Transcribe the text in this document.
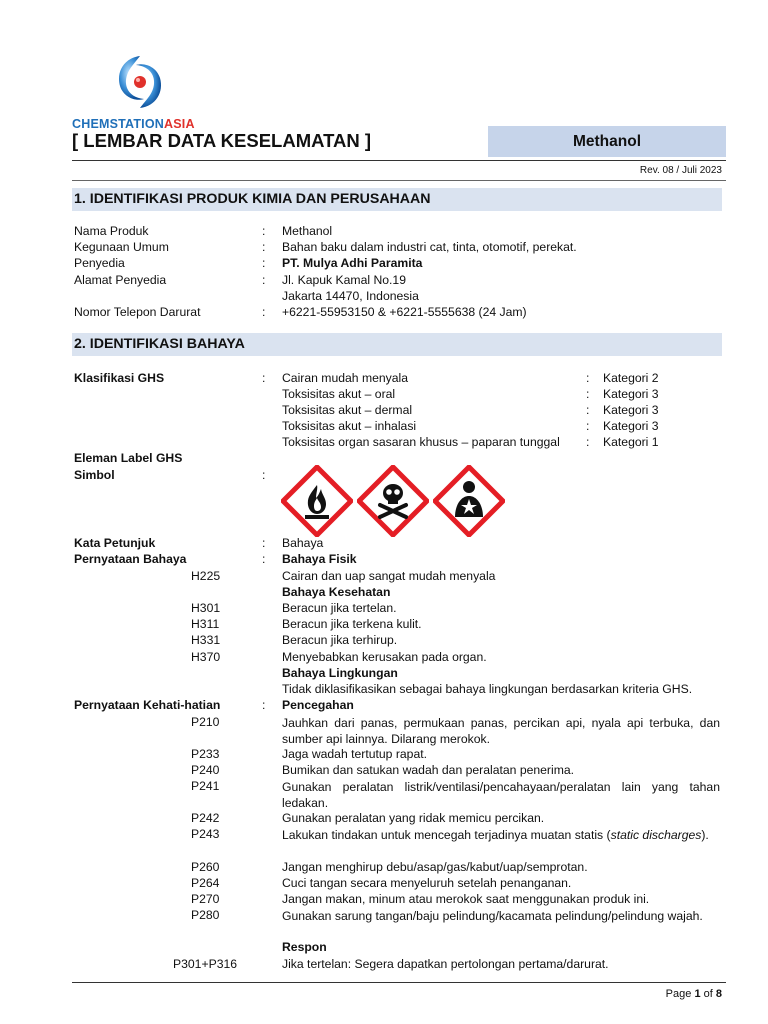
CHEMSTATIONASIA
[ LEMBAR DATA KESELAMATAN ]	Methanol
Rev. 08 / Juli 2023
1. IDENTIFIKASI PRODUK KIMIA DAN PERUSAHAAN
Nama Produk	: Methanol
Kegunaan Umum	: Bahan baku dalam industri cat, tinta, otomotif, perekat.
Penyedia	: PT. Mulya Adhi Paramita
Alamat Penyedia	: Jl. Kapuk Kamal No.19
Jakarta 14470, Indonesia
Nomor Telepon Darurat	: +6221-55953150 & +6221-5555638 (24 Jam)
2. IDENTIFIKASI BAHAYA
Klasifikasi GHS	: Cairan mudah menyala	: Kategori 2
Toksisitas akut – oral	: Kategori 3
Toksisitas akut – dermal	: Kategori 3
Toksisitas akut – inhalasi	: Kategori 3
Toksisitas organ sasaran khusus – paparan tunggal : Kategori 1
Eleman Label GHS
Simbol	:
Kata Petunjuk	: Bahaya
Pernyataan Bahaya	: Bahaya Fisik
H225	Cairan dan uap sangat mudah menyala
Bahaya Kesehatan
H301	Beracun jika tertelan.
H311	Beracun jika terkena kulit.
H331	Beracun jika terhirup.
H370	Menyebabkan kerusakan pada organ.
Bahaya Lingkungan
Tidak diklasifikasikan sebagai bahaya lingkungan berdasarkan kriteria GHS.
Pernyataan Kehati-hatian	: Pencegahan
P210	Jauhkan dari panas, permukaan panas, percikan api, nyala api terbuka, dan sumber api lainnya. Dilarang merokok.
P233	Jaga wadah tertutup rapat.
P240	Bumikan dan satukan wadah dan peralatan penerima.
P241	Gunakan peralatan listrik/ventilasi/pencahayaan/peralatan lain yang tahan ledakan.
P242	Gunakan peralatan yang ridak memicu percikan.
P243	Lakukan tindakan untuk mencegah terjadinya muatan statis (static discharges).
P260	Jangan menghirup debu/asap/gas/kabut/uap/semprotan.
P264	Cuci tangan secara menyeluruh setelah penanganan.
P270	Jangan makan, minum atau merokok saat menggunakan produk ini.
P280	Gunakan sarung tangan/baju pelindung/kacamata pelindung/pelindung wajah.
Respon
P301+P316	Jika tertelan: Segera dapatkan pertolongan pertama/darurat.
Page 1 of 8
